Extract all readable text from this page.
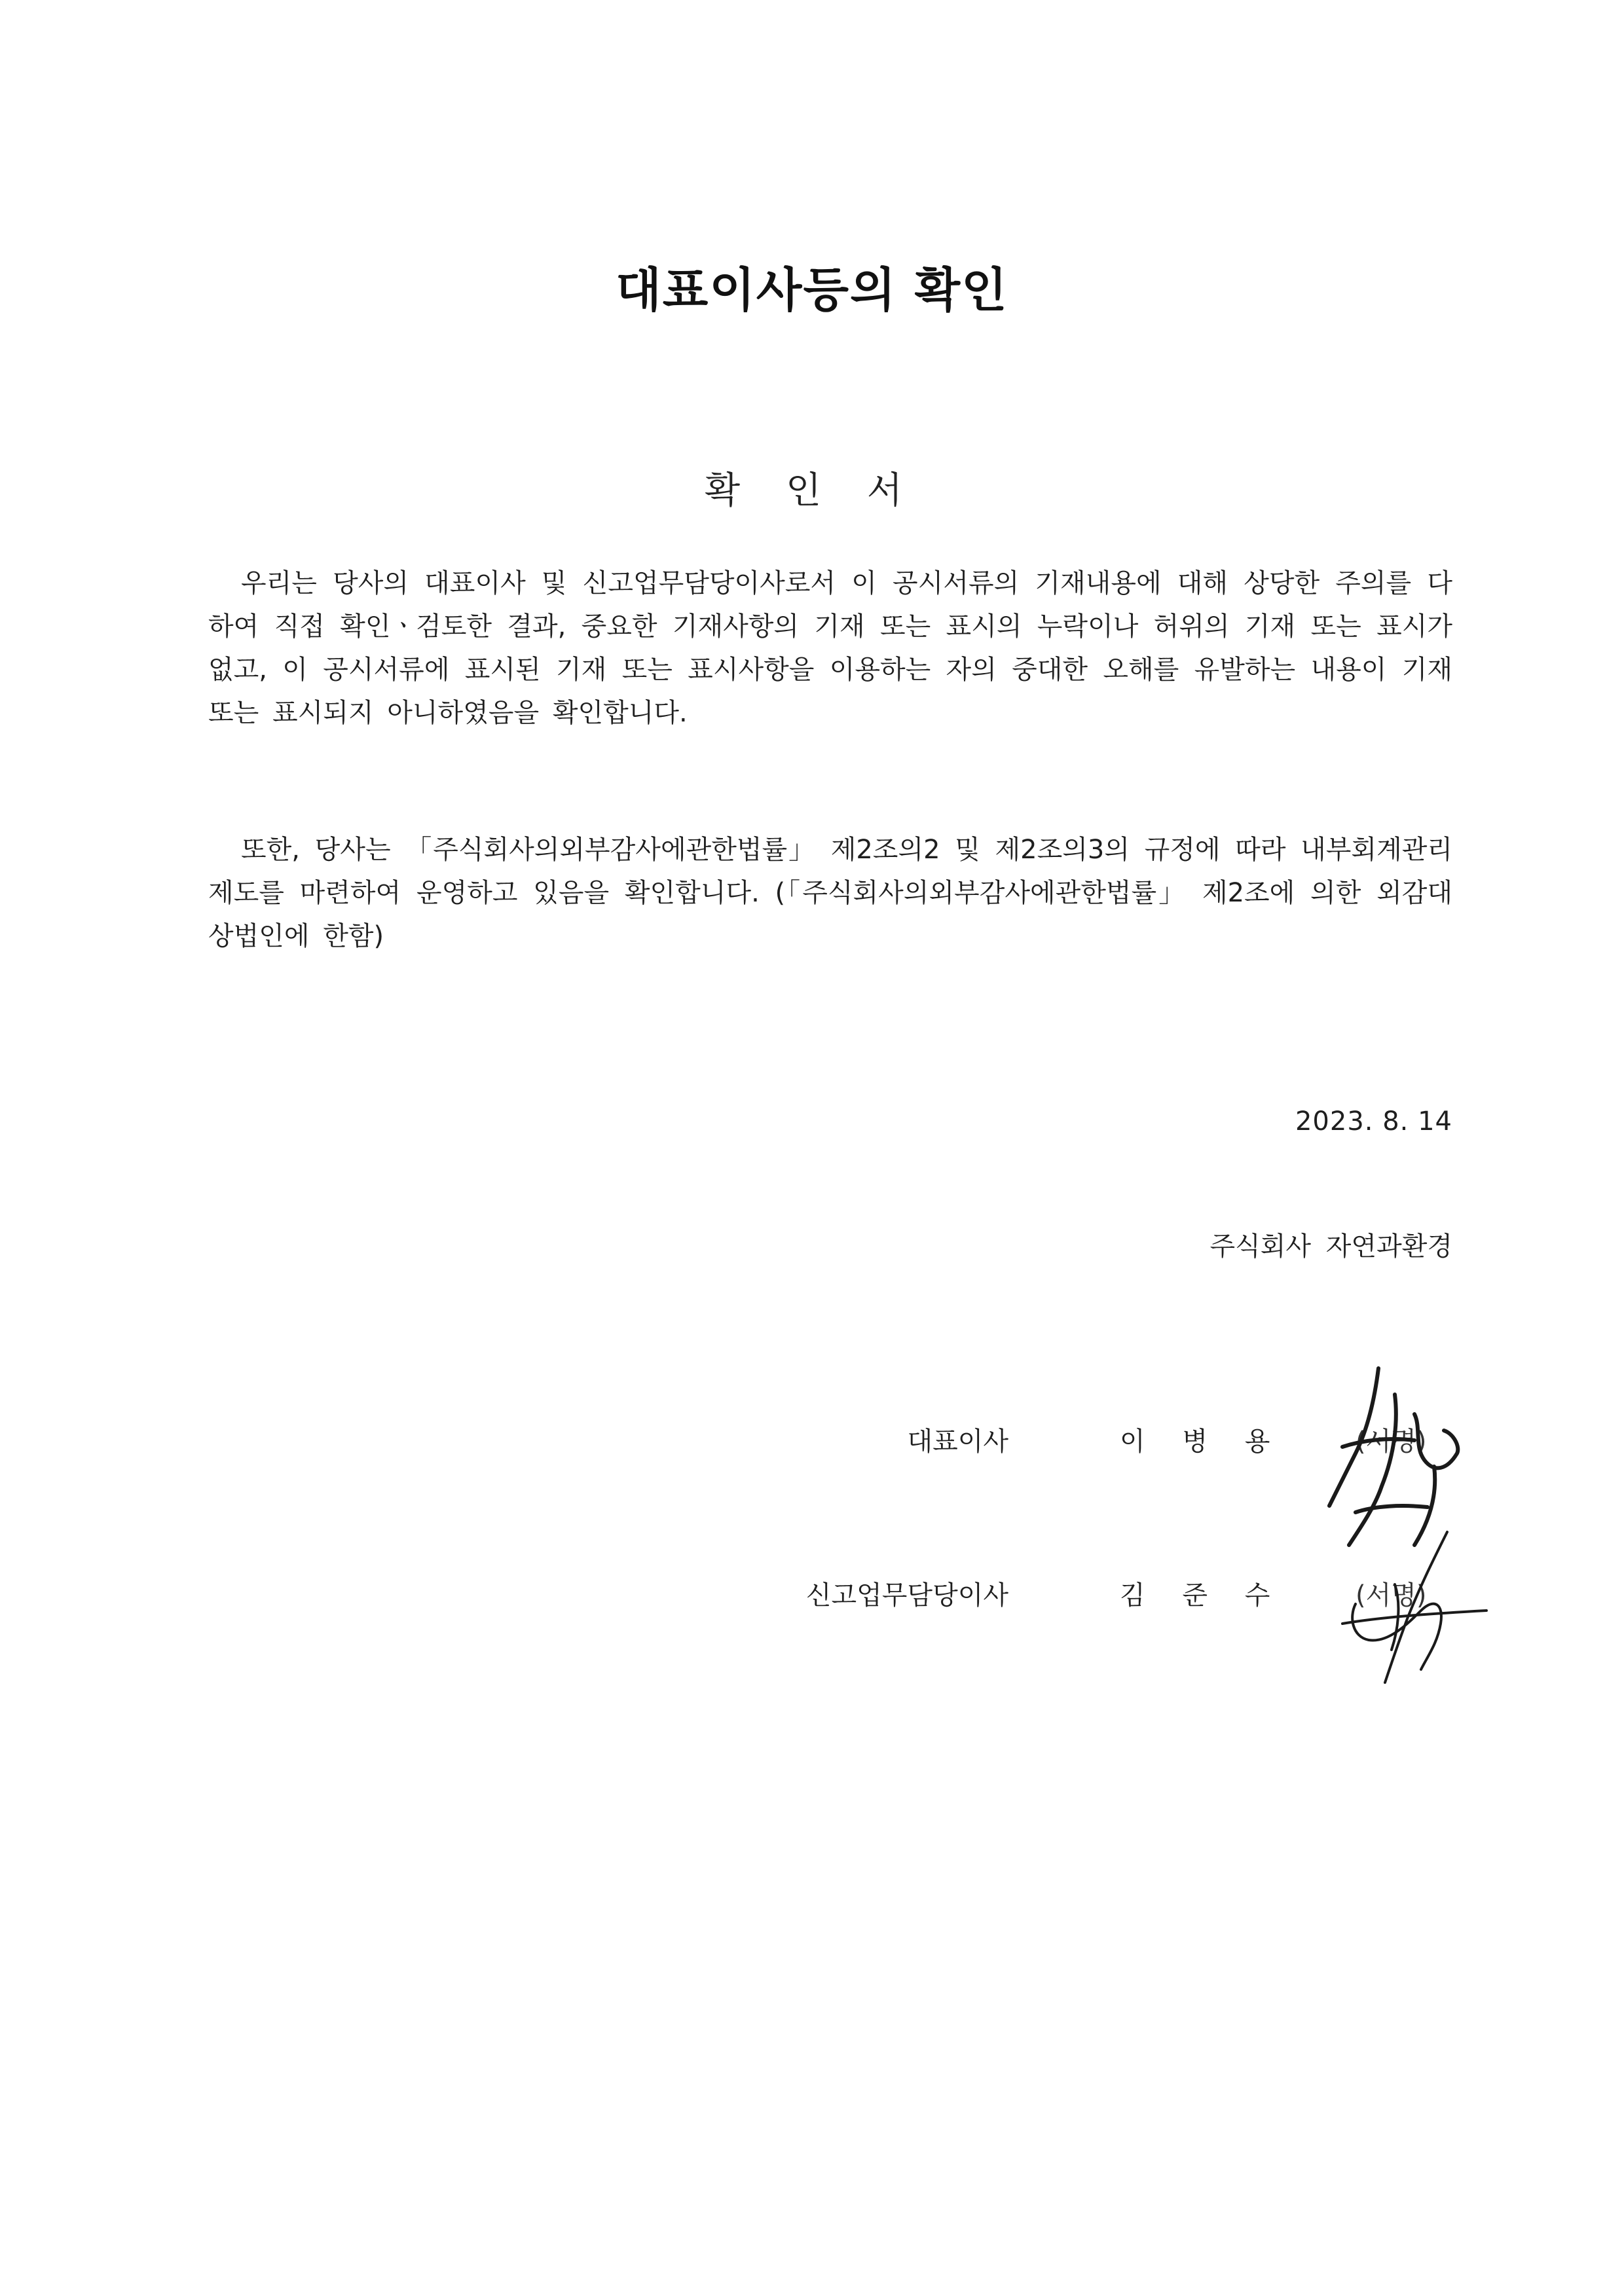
대표이사등의 확인
확 인 서
우리는 당사의 대표이사 및 신고업무담당이사로서 이 공시서류의 기재내용에 대해 상당한 주의를 다하여 직접 확인ㆍ검토한 결과, 중요한 기재사항의 기재 또는 표시의 누락이나 허위의 기재 또는 표시가 없고, 이 공시서류에 표시된 기재 또는 표시사항을 이용하는 자의 중대한 오해를 유발하는 내용이 기재 또는 표시되지 아니하였음을 확인합니다.
또한, 당사는 「주식회사의외부감사에관한법률」 제2조의2 및 제2조의3의 규정에 따라 내부회계관리제도를 마련하여 운영하고 있음을 확인합니다. (「주식회사의외부감사에관한법률」 제2조에 의한 외감대상법인에 한함)
2023. 8. 14
주식회사 자연과환경
대표이사	이 병 용	(서명)
신고업무담당이사	김 준 수	(서명)
